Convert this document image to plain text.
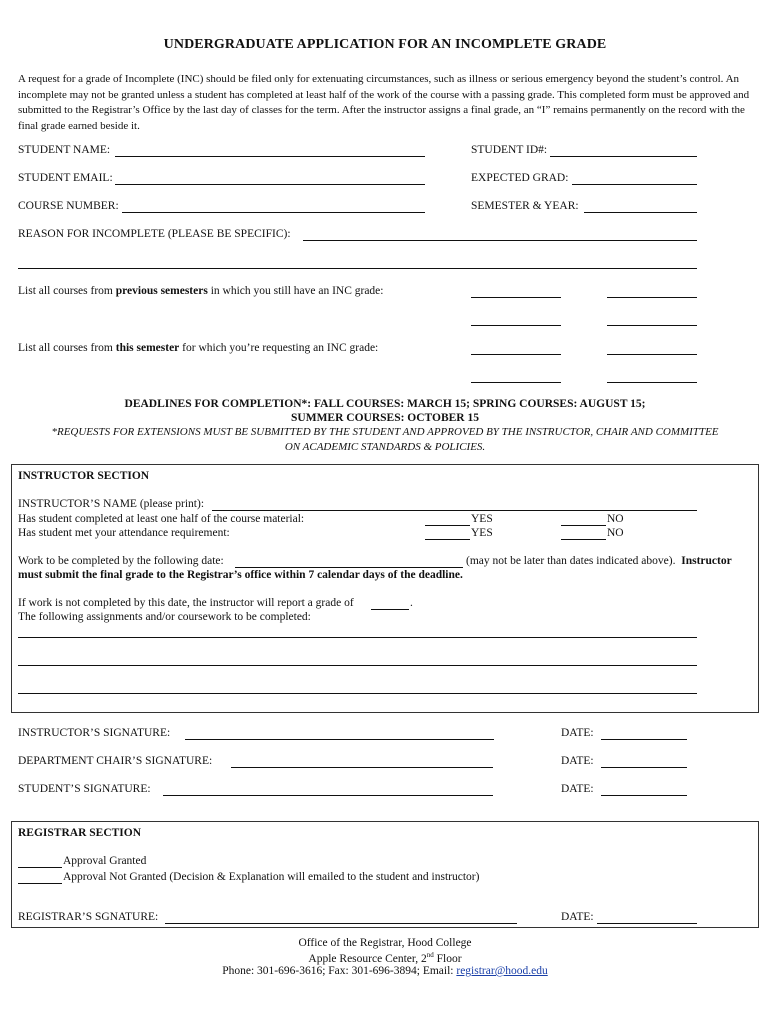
UNDERGRADUATE APPLICATION FOR AN INCOMPLETE GRADE
A request for a grade of Incomplete (INC) should be filed only for extenuating circumstances, such as illness or serious emergency beyond the student’s control. An incomplete may not be granted unless a student has completed at least half of the work of the course with a passing grade. This completed form must be approved and submitted to the Registrar’s Office by the last day of classes for the term. After the instructor assigns a final grade, an “I” remains permanently on the record with the final grade earned beside it.
STUDENT NAME:	STUDENT ID#:
STUDENT EMAIL:	EXPECTED GRAD:
COURSE NUMBER:	SEMESTER & YEAR:
REASON FOR INCOMPLETE (PLEASE BE SPECIFIC):
List all courses from previous semesters in which you still have an INC grade:
List all courses from this semester for which you’re requesting an INC grade:
DEADLINES FOR COMPLETION*: FALL COURSES: MARCH 15; SPRING COURSES: AUGUST 15;
SUMMER COURSES: OCTOBER 15
*REQUESTS FOR EXTENSIONS MUST BE SUBMITTED BY THE STUDENT AND APPROVED BY THE INSTRUCTOR, CHAIR AND COMMITTEE
ON ACADEMIC STANDARDS & POLICIES.
INSTRUCTOR SECTION
INSTRUCTOR’S NAME (please print):
Has student completed at least one half of the course material:	YES	NO
Has student met your attendance requirement:	YES	NO
Work to be completed by the following date:	(may not be later than dates indicated above). Instructor
must submit the final grade to the Registrar’s office within 7 calendar days of the deadline.
If work is not completed by this date, the instructor will report a grade of	.
The following assignments and/or coursework to be completed:
INSTRUCTOR’S SIGNATURE:	DATE:
DEPARTMENT CHAIR’S SIGNATURE:	DATE:
STUDENT’S SIGNATURE:	DATE:
REGISTRAR SECTION
Approval Granted
Approval Not Granted (Decision & Explanation will emailed to the student and instructor)
REGISTRAR’S SGNATURE:	DATE:
Office of the Registrar, Hood College
Apple Resource Center, 2nd Floor
Phone: 301-696-3616; Fax: 301-696-3894; Email: registrar@hood.edu
